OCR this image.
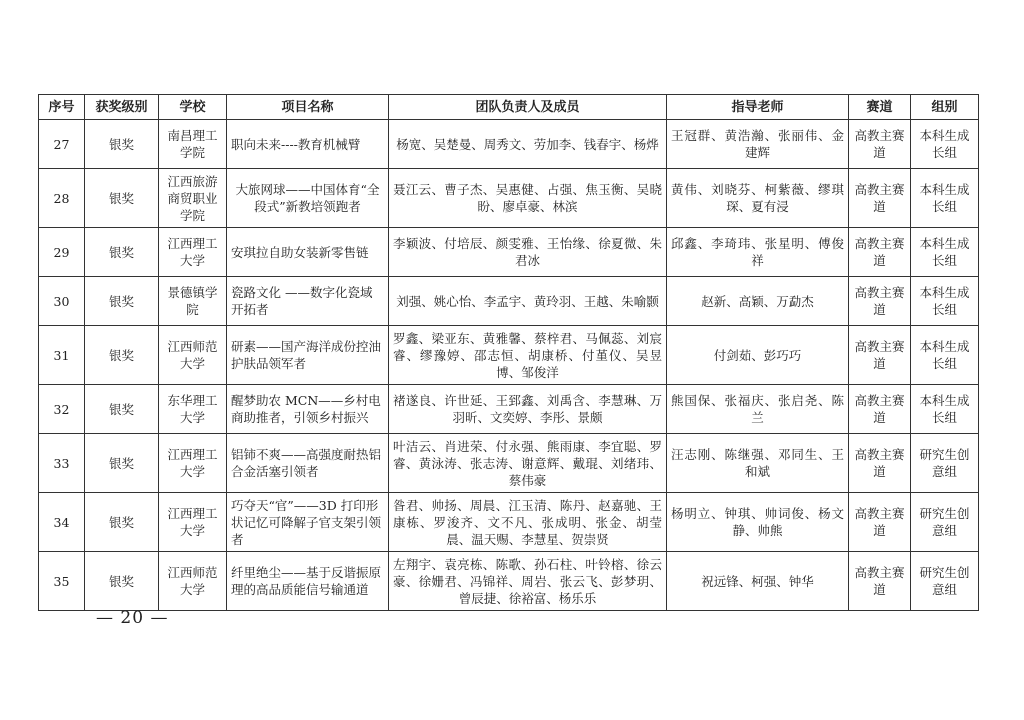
序号	获奖级别	学校	项目名称	团队负责人及成员	指导老师	赛道	组别
27	银奖	南昌理工学院	职向未来----教育机械臂	杨宽、吴楚曼、周秀文、劳加李、钱春宇、杨烨	王冠群、黄浩瀚、张丽伟、金建辉	高教主赛道	本科生成长组
28	银奖	江西旅游商贸职业学院	大旅网球——中国体育“全段式”新教培领跑者	聂江云、曹子杰、吴惠健、占强、焦玉衡、吴晓盼、廖卓豪、林滨	黄伟、刘晓芬、柯紫薇、缪琪琛、夏有浸	高教主赛道	本科生成长组
29	银奖	江西理工大学	安琪拉自助女装新零售链	李颖波、付培辰、颜雯雅、王怡缘、徐夏微、朱君冰	邱鑫、李琦玮、张星明、傅俊祥	高教主赛道	本科生成长组
30	银奖	景德镇学院	瓷路文化 ——数字化瓷域开拓者	刘强、姚心怡、李孟宇、黄玲羽、王越、朱喻颢	赵新、高颖、万勐杰	高教主赛道	本科生成长组
31	银奖	江西师范大学	研素——国产海洋成份控油护肤品领军者	罗鑫、梁亚东、黄雅馨、蔡梓君、马佩蕊、刘宸睿、缪豫婷、邵志恒、胡康桥、付堇仪、吴昱博、邹俊洋	付剑茹、彭巧巧	高教主赛道	本科生成长组
32	银奖	东华理工大学	醒梦助农 MCN——乡村电商助推者，引领乡村振兴	褚遂良、许世延、王郅鑫、刘禹含、李慧琳、万羽昕、文奕婷、李彤、景颇	熊国保、张福庆、张启尧、陈兰	高教主赛道	本科生成长组
33	银奖	江西理工大学	铝铈不爽——高强度耐热铝合金活塞引领者	叶洁云、肖进荣、付永强、熊雨康、李宜聪、罗睿、黄泳涛、张志涛、谢意辉、戴琨、刘绪玮、蔡伟豪	汪志刚、陈继强、邓同生、王和斌	高教主赛道	研究生创意组
34	银奖	江西理工大学	巧夺天“官”——3D 打印形状记忆可降解子官支架引领者	昝君、帅扬、周晨、江玉清、陈丹、赵嘉驰、王康栋、罗浚齐、文不凡、张成明、张金、胡莹晨、温天赐、李慧星、贺崇贤	杨明立、钟琪、帅词俊、杨文静、帅熊	高教主赛道	研究生创意组
35	银奖	江西师范大学	纤里绝尘——基于反谐振原理的高品质能信号输通道	左翔宇、袁亮栋、陈歌、孙石柱、叶铃榕、徐云豪、徐姗君、冯锦祥、周岩、张云飞、彭梦玥、曾辰捷、徐裕富、杨乐乐	祝远锋、柯强、钟华	高教主赛道	研究生创意组
— 20 —
